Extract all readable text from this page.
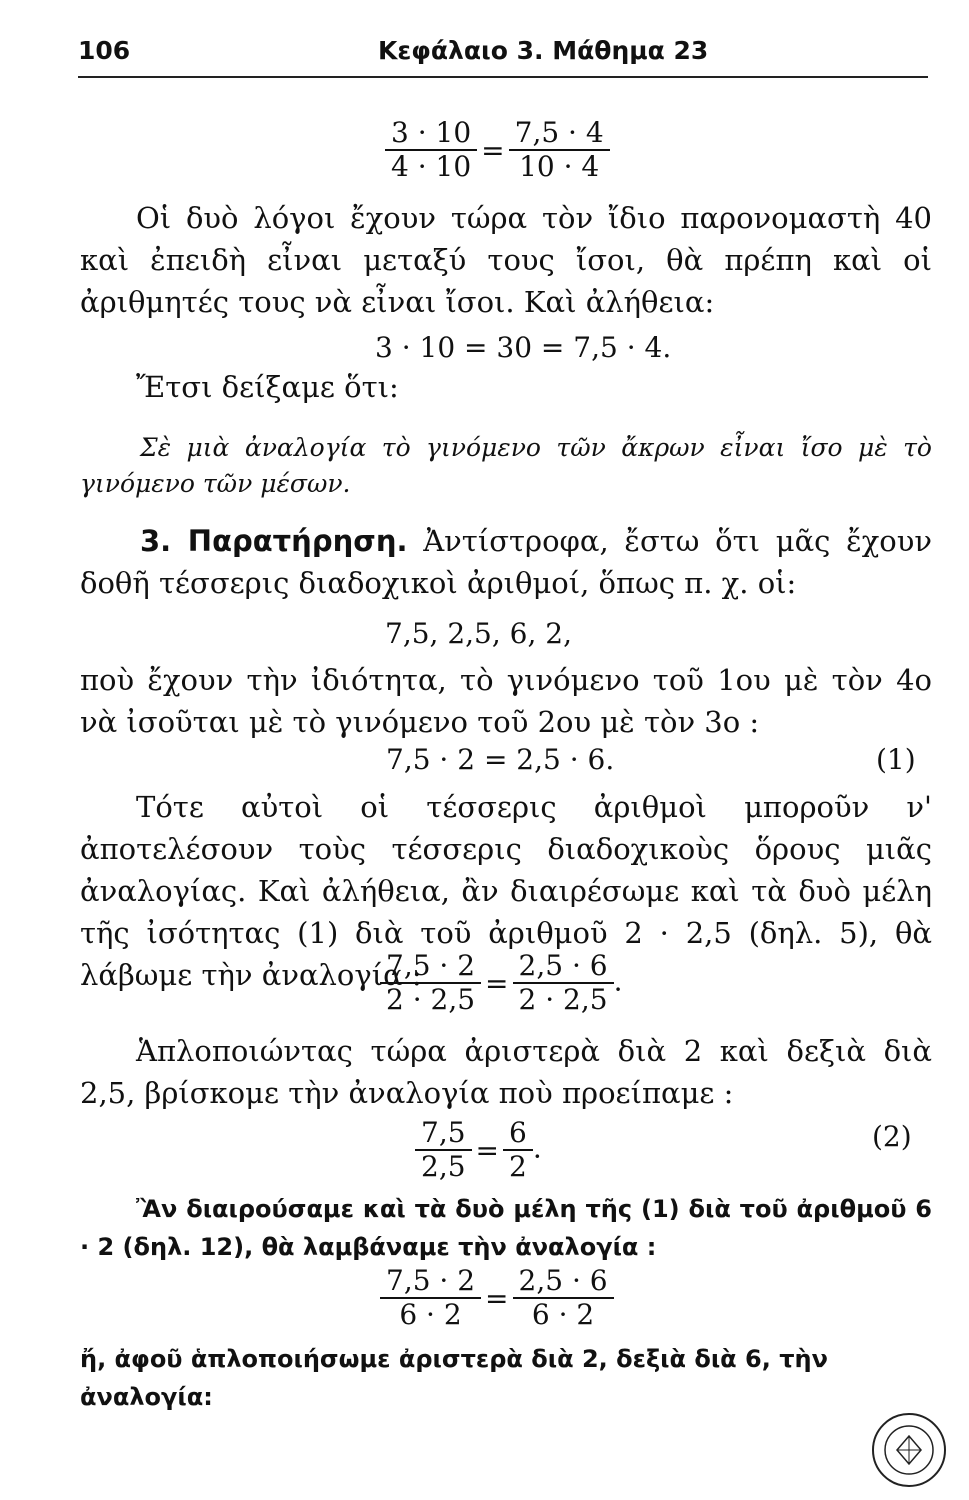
106	Κεφάλαιο 3. Μάθημα 23
$\frac{3 \cdot 10}{4 \cdot 10} = \frac{7,5 \cdot 4}{10 \cdot 4}$

Οἱ δυὸ λόγοι ἔχουν τώρα τὸν ἴδιο παρονομαστὴ 40 καὶ ἐπειδὴ εἶναι μεταξύ τους ἴσοι, θὰ πρέπη καὶ οἱ ἀριθμητές τους νὰ εἶναι ἴσοι. Καὶ ἀλήθεια:

3 · 10 = 30 = 7,5 · 4.

Ἔτσι δείξαμε ὅτι:

Σὲ μιὰ ἀναλογία τὸ γινόμενο τῶν ἄκρων εἶναι ἴσο μὲ τὸ γινόμενο τῶν μέσων.

3. Παρατήρηση. Ἀντίστροφα, ἔστω ὅτι μᾶς ἔχουν δοθῆ τέσσερις διαδοχικοὶ ἀριθμοί, ὅπως π. χ. οἱ:

7,5, 2,5, 6, 2,

ποὺ ἔχουν τὴν ἰδιότητα, τὸ γινόμενο τοῦ 1ου μὲ τὸν 4ο νὰ ἰσοῦται μὲ τὸ γινόμενο τοῦ 2ου μὲ τὸν 3ο :

7,5 · 2 = 2,5 · 6.	(1)

Τότε αὐτοὶ οἱ τέσσερις ἀριθμοὶ μποροῦν ν' ἀποτελέσουν τοὺς τέσσερις διαδοχικοὺς ὅρους μιᾶς ἀναλογίας. Καὶ ἀλήθεια, ἂν διαιρέσωμε καὶ τὰ δυὸ μέλη τῆς ἰσότητας (1) διὰ τοῦ ἀριθμοῦ 2 · 2,5 (δηλ. 5), θὰ λάβωμε τὴν ἀναλογία :

$\frac{7,5 \cdot 2}{2 \cdot 2,5} = \frac{2,5 \cdot 6}{2 \cdot 2,5}$ .

Ἁπλοποιώντας τώρα ἀριστερὰ διὰ 2 καὶ δεξιὰ διὰ 2,5, βρίσκομε τὴν ἀναλογία ποὺ προείπαμε :

$\frac{7,5}{2,5} = \frac{6}{2}$ .	(2)

Ἂν διαιρούσαμε καὶ τὰ δυὸ μέλη τῆς (1) διὰ τοῦ ἀριθμοῦ 6 · 2 (δηλ. 12), θὰ λαμβάναμε τὴν ἀναλογία :

$\frac{7,5 \cdot 2}{6 \cdot 2} = \frac{2,5 \cdot 6}{6 \cdot 2}$

ἤ, ἀφοῦ ἁπλοποιήσωμε ἀριστερὰ διὰ 2, δεξιὰ διὰ 6, τὴν ἀναλογία:
